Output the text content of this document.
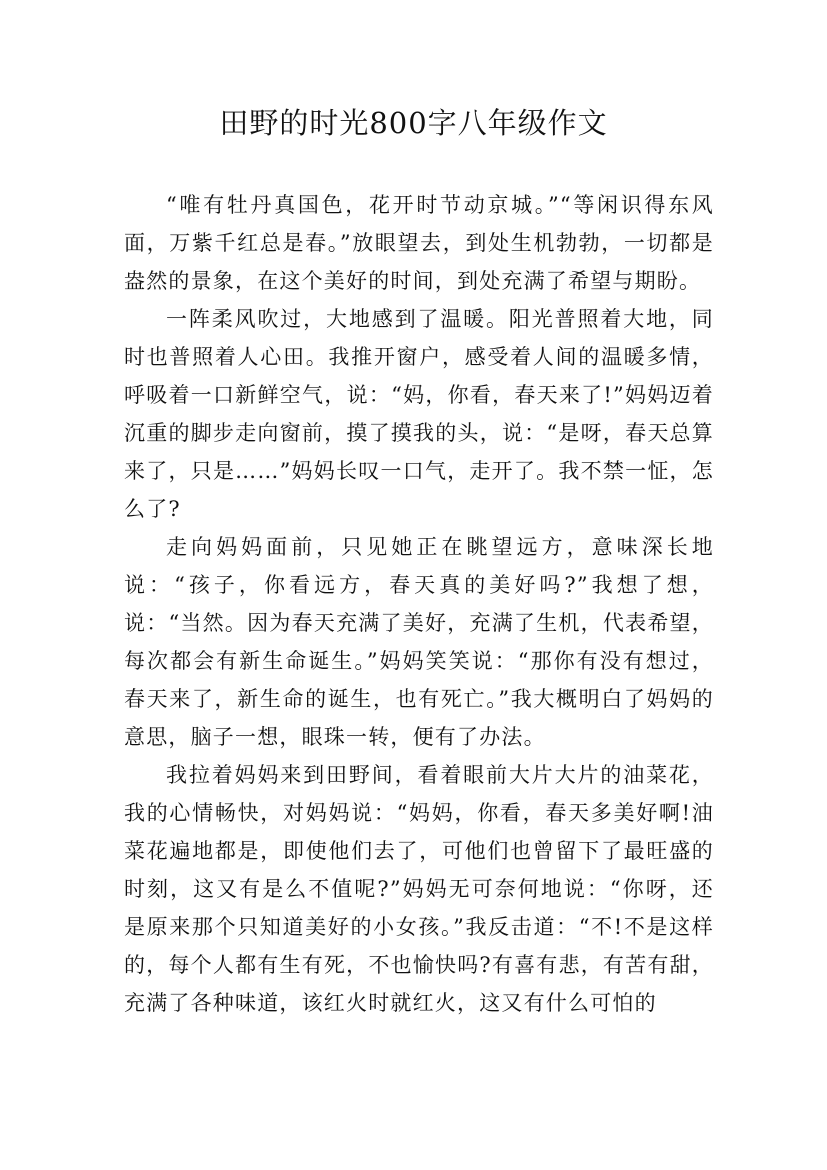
田野的时光800字八年级作文

“唯有牡丹真国色，花开时节动京城。”“等闲识得东风面，万紫千红总是春。”放眼望去，到处生机勃勃，一切都是盎然的景象，在这个美好的时间，到处充满了希望与期盼。

一阵柔风吹过，大地感到了温暖。阳光普照着大地，同时也普照着人心田。我推开窗户，感受着人间的温暖多情，呼吸着一口新鲜空气，说：“妈，你看，春天来了!”妈妈迈着沉重的脚步走向窗前，摸了摸我的头，说：“是呀，春天总算来了，只是……”妈妈长叹一口气，走开了。我不禁一怔，怎么了?

走向妈妈面前，只见她正在眺望远方，意味深长地说：“孩子，你看远方，春天真的美好吗?”我想了想，说：“当然。因为春天充满了美好，充满了生机，代表希望，每次都会有新生命诞生。”妈妈笑笑说：“那你有没有想过，春天来了，新生命的诞生，也有死亡。”我大概明白了妈妈的意思，脑子一想，眼珠一转，便有了办法。

我拉着妈妈来到田野间，看着眼前大片大片的油菜花，我的心情畅快，对妈妈说：“妈妈，你看，春天多美好啊!油菜花遍地都是，即使他们去了，可他们也曾留下了最旺盛的时刻，这又有是么不值呢?”妈妈无可奈何地说：“你呀，还是原来那个只知道美好的小女孩。”我反击道：“不!不是这样的，每个人都有生有死，不也愉快吗?有喜有悲，有苦有甜，充满了各种味道，该红火时就红火，这又有什么可怕的
